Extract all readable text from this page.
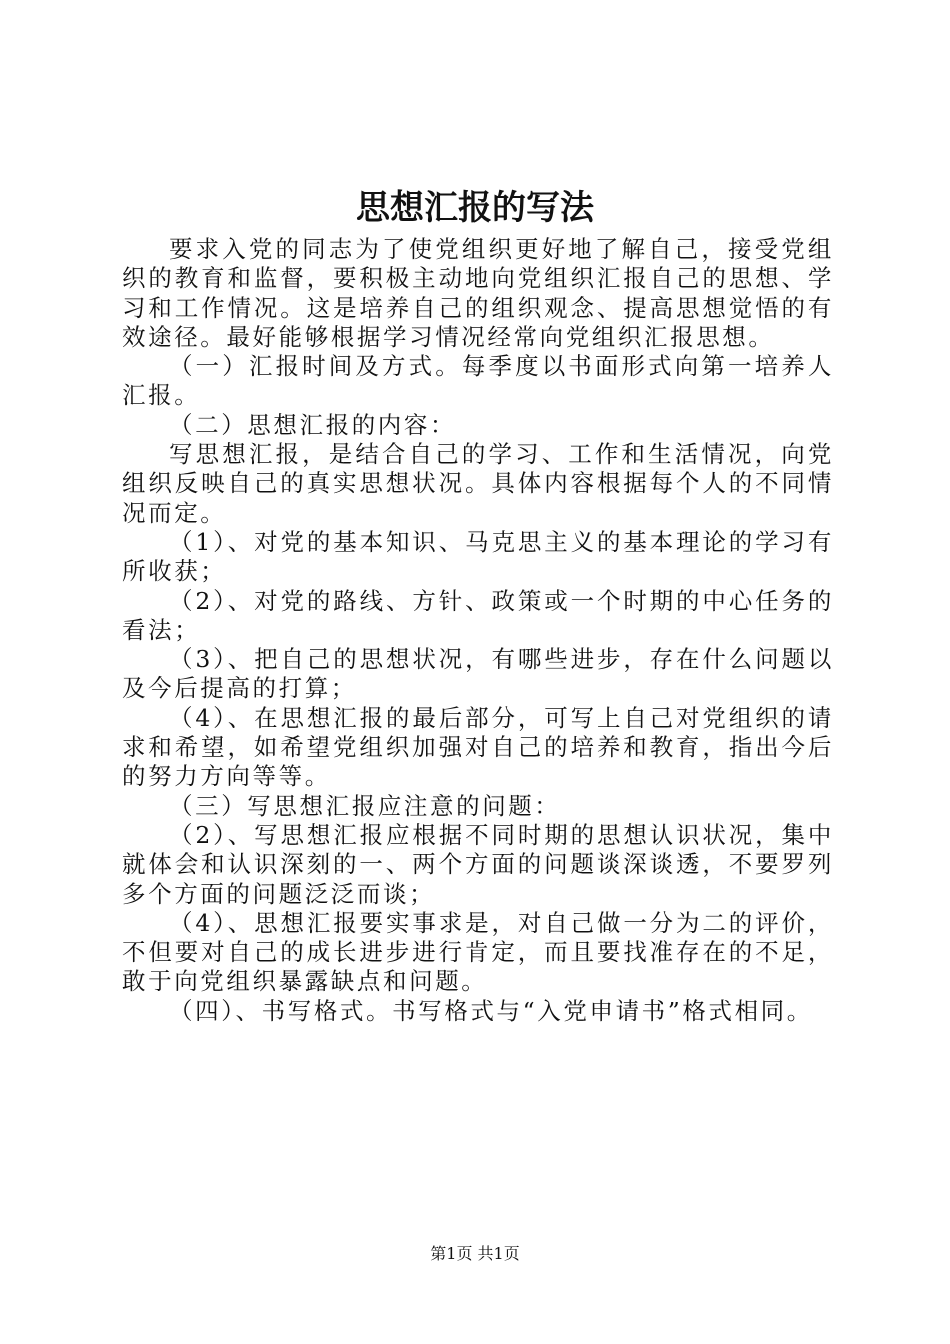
思想汇报的写法

要求入党的同志为了使党组织更好地了解自己，接受党组织的教育和监督，要积极主动地向党组织汇报自己的思想、学习和工作情况。这是培养自己的组织观念、提高思想觉悟的有效途径。最好能够根据学习情况经常向党组织汇报思想。

（一）汇报时间及方式。每季度以书面形式向第一培养人汇报。

（二）思想汇报的内容：

写思想汇报，是结合自己的学习、工作和生活情况，向党组织反映自己的真实思想状况。具体内容根据每个人的不同情况而定。

（1）、对党的基本知识、马克思主义的基本理论的学习有所收获；

（2）、对党的路线、方针、政策或一个时期的中心任务的看法；

（3）、把自己的思想状况，有哪些进步，存在什么问题以及今后提高的打算；

（4）、在思想汇报的最后部分，可写上自己对党组织的请求和希望，如希望党组织加强对自己的培养和教育，指出今后的努力方向等等。

（三）写思想汇报应注意的问题：

（2）、写思想汇报应根据不同时期的思想认识状况，集中就体会和认识深刻的一、两个方面的问题谈深谈透，不要罗列多个方面的问题泛泛而谈；

（4）、思想汇报要实事求是，对自己做一分为二的评价，不但要对自己的成长进步进行肯定，而且要找准存在的不足，敢于向党组织暴露缺点和问题。

（四）、书写格式。书写格式与“入党申请书”格式相同。

第1页 共1页
